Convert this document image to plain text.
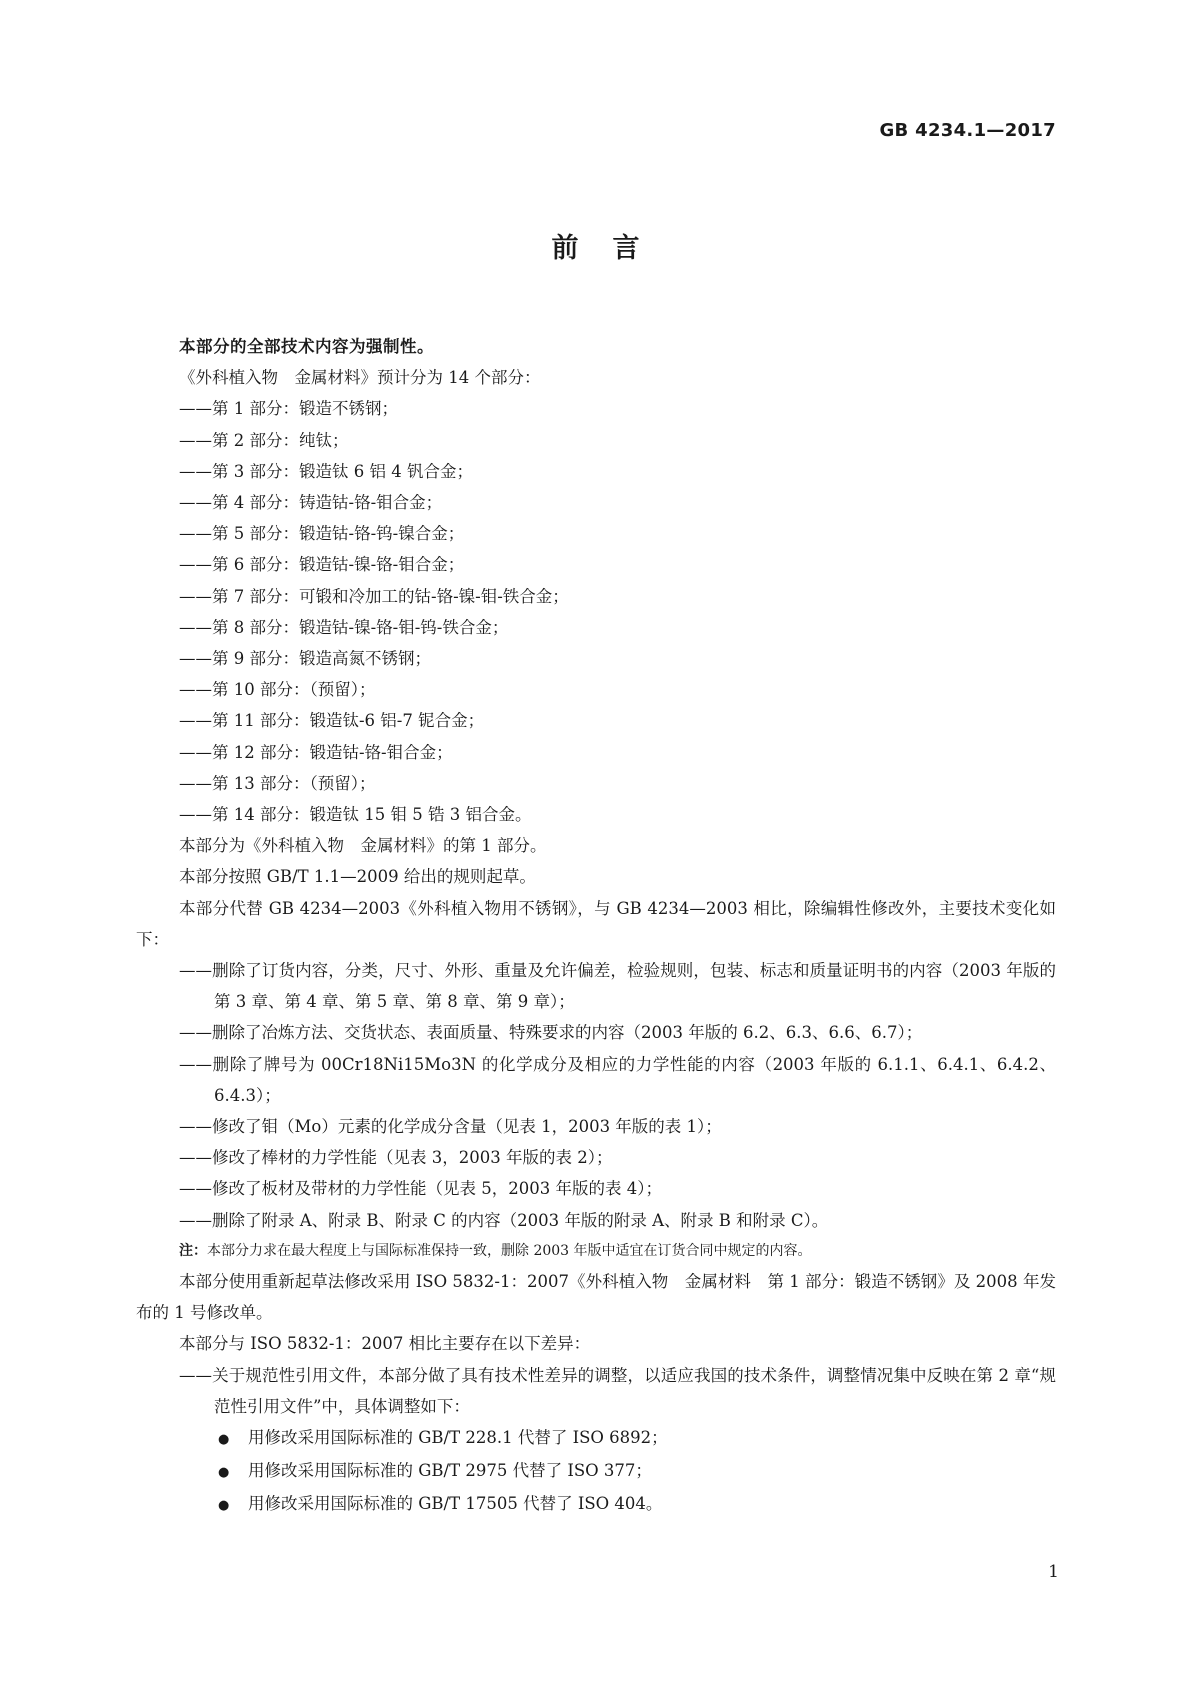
GB 4234.1—2017
前言

本部分的全部技术内容为强制性。

《外科植入物　金属材料》预计分为 14 个部分：

——第 1 部分：锻造不锈钢；

——第 2 部分：纯钛；

——第 3 部分：锻造钛 6 铝 4 钒合金；

——第 4 部分：铸造钴-铬-钼合金；

——第 5 部分：锻造钴-铬-钨-镍合金；

——第 6 部分：锻造钴-镍-铬-钼合金；

——第 7 部分：可锻和冷加工的钴-铬-镍-钼-铁合金；

——第 8 部分：锻造钴-镍-铬-钼-钨-铁合金；

——第 9 部分：锻造高氮不锈钢；

——第 10 部分：（预留）；

——第 11 部分：锻造钛-6 铝-7 铌合金；

——第 12 部分：锻造钴-铬-钼合金；

——第 13 部分：（预留）；

——第 14 部分：锻造钛 15 钼 5 锆 3 铝合金。

本部分为《外科植入物　金属材料》的第 1 部分。

本部分按照 GB/T 1.1—2009 给出的规则起草。

本部分代替 GB 4234—2003《外科植入物用不锈钢》，与 GB 4234—2003 相比，除编辑性修改外，主要技术变化如下：

——删除了订货内容，分类，尺寸、外形、重量及允许偏差，检验规则，包装、标志和质量证明书的内容（2003 年版的第 3 章、第 4 章、第 5 章、第 8 章、第 9 章）；

——删除了冶炼方法、交货状态、表面质量、特殊要求的内容（2003 年版的 6.2、6.3、6.6、6.7）；

——删除了牌号为 00Cr18Ni15Mo3N 的化学成分及相应的力学性能的内容（2003 年版的 6.1.1、6.4.1、6.4.2、6.4.3）；

——修改了钼（Mo）元素的化学成分含量（见表 1，2003 年版的表 1）；

——修改了棒材的力学性能（见表 3，2003 年版的表 2）；

——修改了板材及带材的力学性能（见表 5，2003 年版的表 4）；

——删除了附录 A、附录 B、附录 C 的内容（2003 年版的附录 A、附录 B 和附录 C）。

注：本部分力求在最大程度上与国际标准保持一致，删除 2003 年版中适宜在订货合同中规定的内容。

本部分使用重新起草法修改采用 ISO 5832-1：2007《外科植入物　金属材料　第 1 部分：锻造不锈钢》及 2008 年发布的 1 号修改单。

本部分与 ISO 5832-1：2007 相比主要存在以下差异：

——关于规范性引用文件，本部分做了具有技术性差异的调整，以适应我国的技术条件，调整情况集中反映在第 2 章“规范性引用文件”中，具体调整如下：

● 用修改采用国际标准的 GB/T 228.1 代替了 ISO 6892；

● 用修改采用国际标准的 GB/T 2975 代替了 ISO 377；

● 用修改采用国际标准的 GB/T 17505 代替了 ISO 404。

1
